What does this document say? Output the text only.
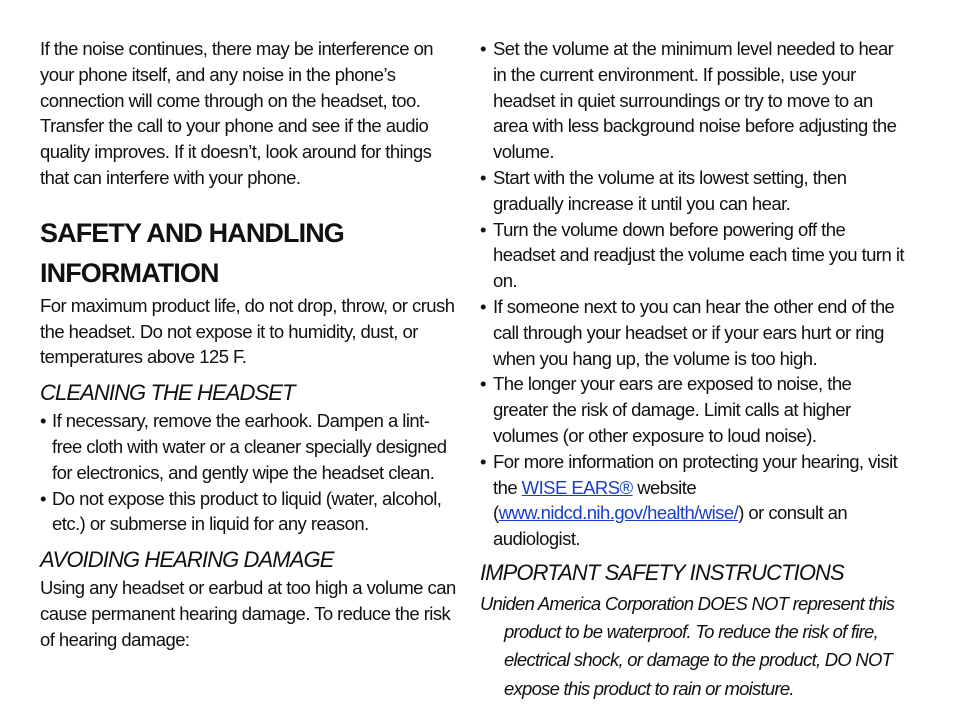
If the noise continues, there may be interference on your phone itself, and any noise in the phone’s connection will come through on the headset, too. Transfer the call to your phone and see if the audio quality improves. If it doesn’t, look around for things that can interfere with your phone.

SAFETY AND HANDLING INFORMATION

For maximum product life, do not drop, throw, or crush the headset. Do not expose it to humidity, dust, or temperatures above 125 F.

CLEANING THE HEADSET
• If necessary, remove the earhook. Dampen a lint-free cloth with water or a cleaner specially designed for electronics, and gently wipe the headset clean.
• Do not expose this product to liquid (water, alcohol, etc.) or submerse in liquid for any reason.
AVOIDING HEARING DAMAGE

Using any headset or earbud at too high a volume can cause permanent hearing damage. To reduce the risk of hearing damage:

• Set the volume at the minimum level needed to hear in the current environment. If possible, use your headset in quiet surroundings or try to move to an area with less background noise before adjusting the volume.
• Start with the volume at its lowest setting, then gradually increase it until you can hear.
• Turn the volume down before powering off the headset and readjust the volume each time you turn it on.
• If someone next to you can hear the other end of the call through your headset or if your ears hurt or ring when you hang up, the volume is too high.
• The longer your ears are exposed to noise, the greater the risk of damage. Limit calls at higher volumes (or other exposure to loud noise).
• For more information on protecting your hearing, visit the WISE EARS® website (www.nidcd.nih.gov/health/wise/) or consult an audiologist.
IMPORTANT SAFETY INSTRUCTIONS

Uniden America Corporation DOES NOT represent this product to be waterproof. To reduce the risk of fire, electrical shock, or damage to the product, DO NOT expose this product to rain or moisture.
